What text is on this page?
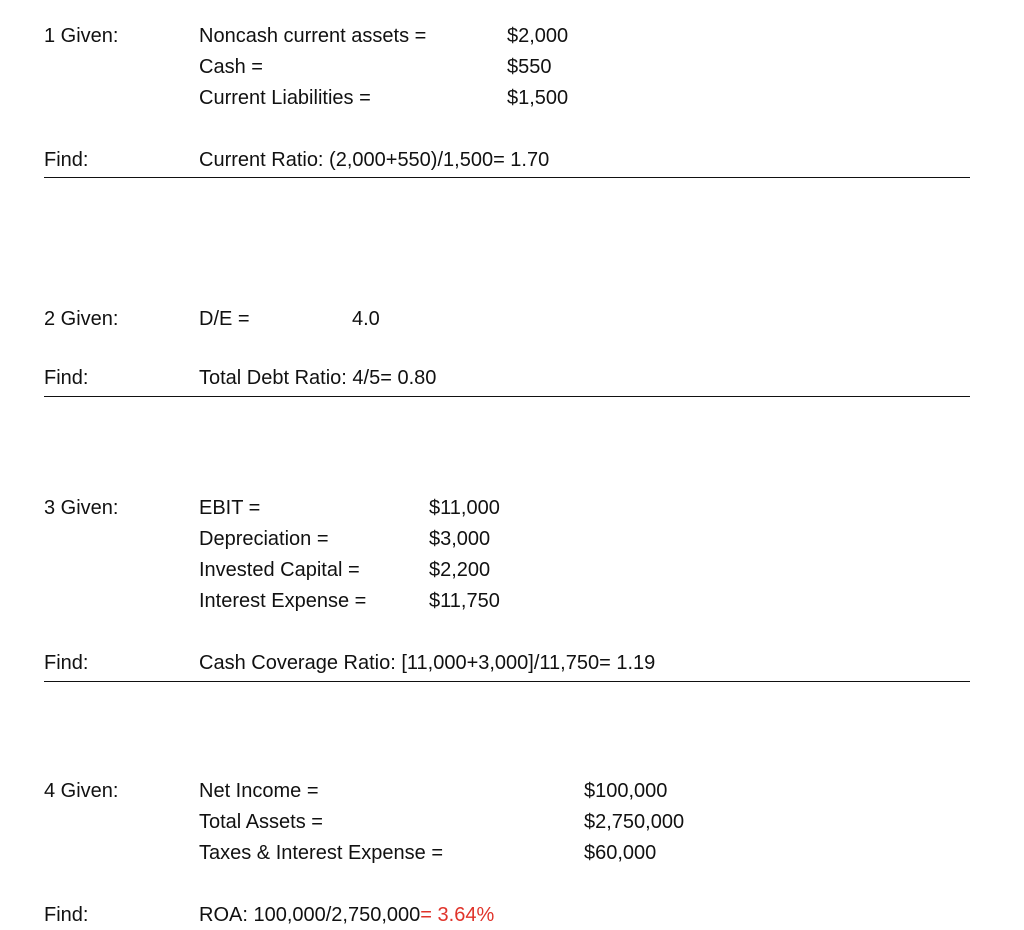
1 Given:	Noncash current assets =	$2,000
Cash =	$550
Current Liabilities =	$1,500
Find:	Current Ratio: (2,000+550)/1,500= 1.70
2 Given:	D/E =	4.0
Find:	Total Debt Ratio: 4/5= 0.80
3 Given:	EBIT =	$11,000
Depreciation =	$3,000
Invested Capital =	$2,200
Interest Expense =	$11,750
Find:	Cash Coverage Ratio: [11,000+3,000]/11,750= 1.19
4 Given:	Net Income =	$100,000
Total Assets =	$2,750,000
Taxes & Interest Expense =	$60,000
Find:	ROA: 100,000/2,750,000= 3.64%
